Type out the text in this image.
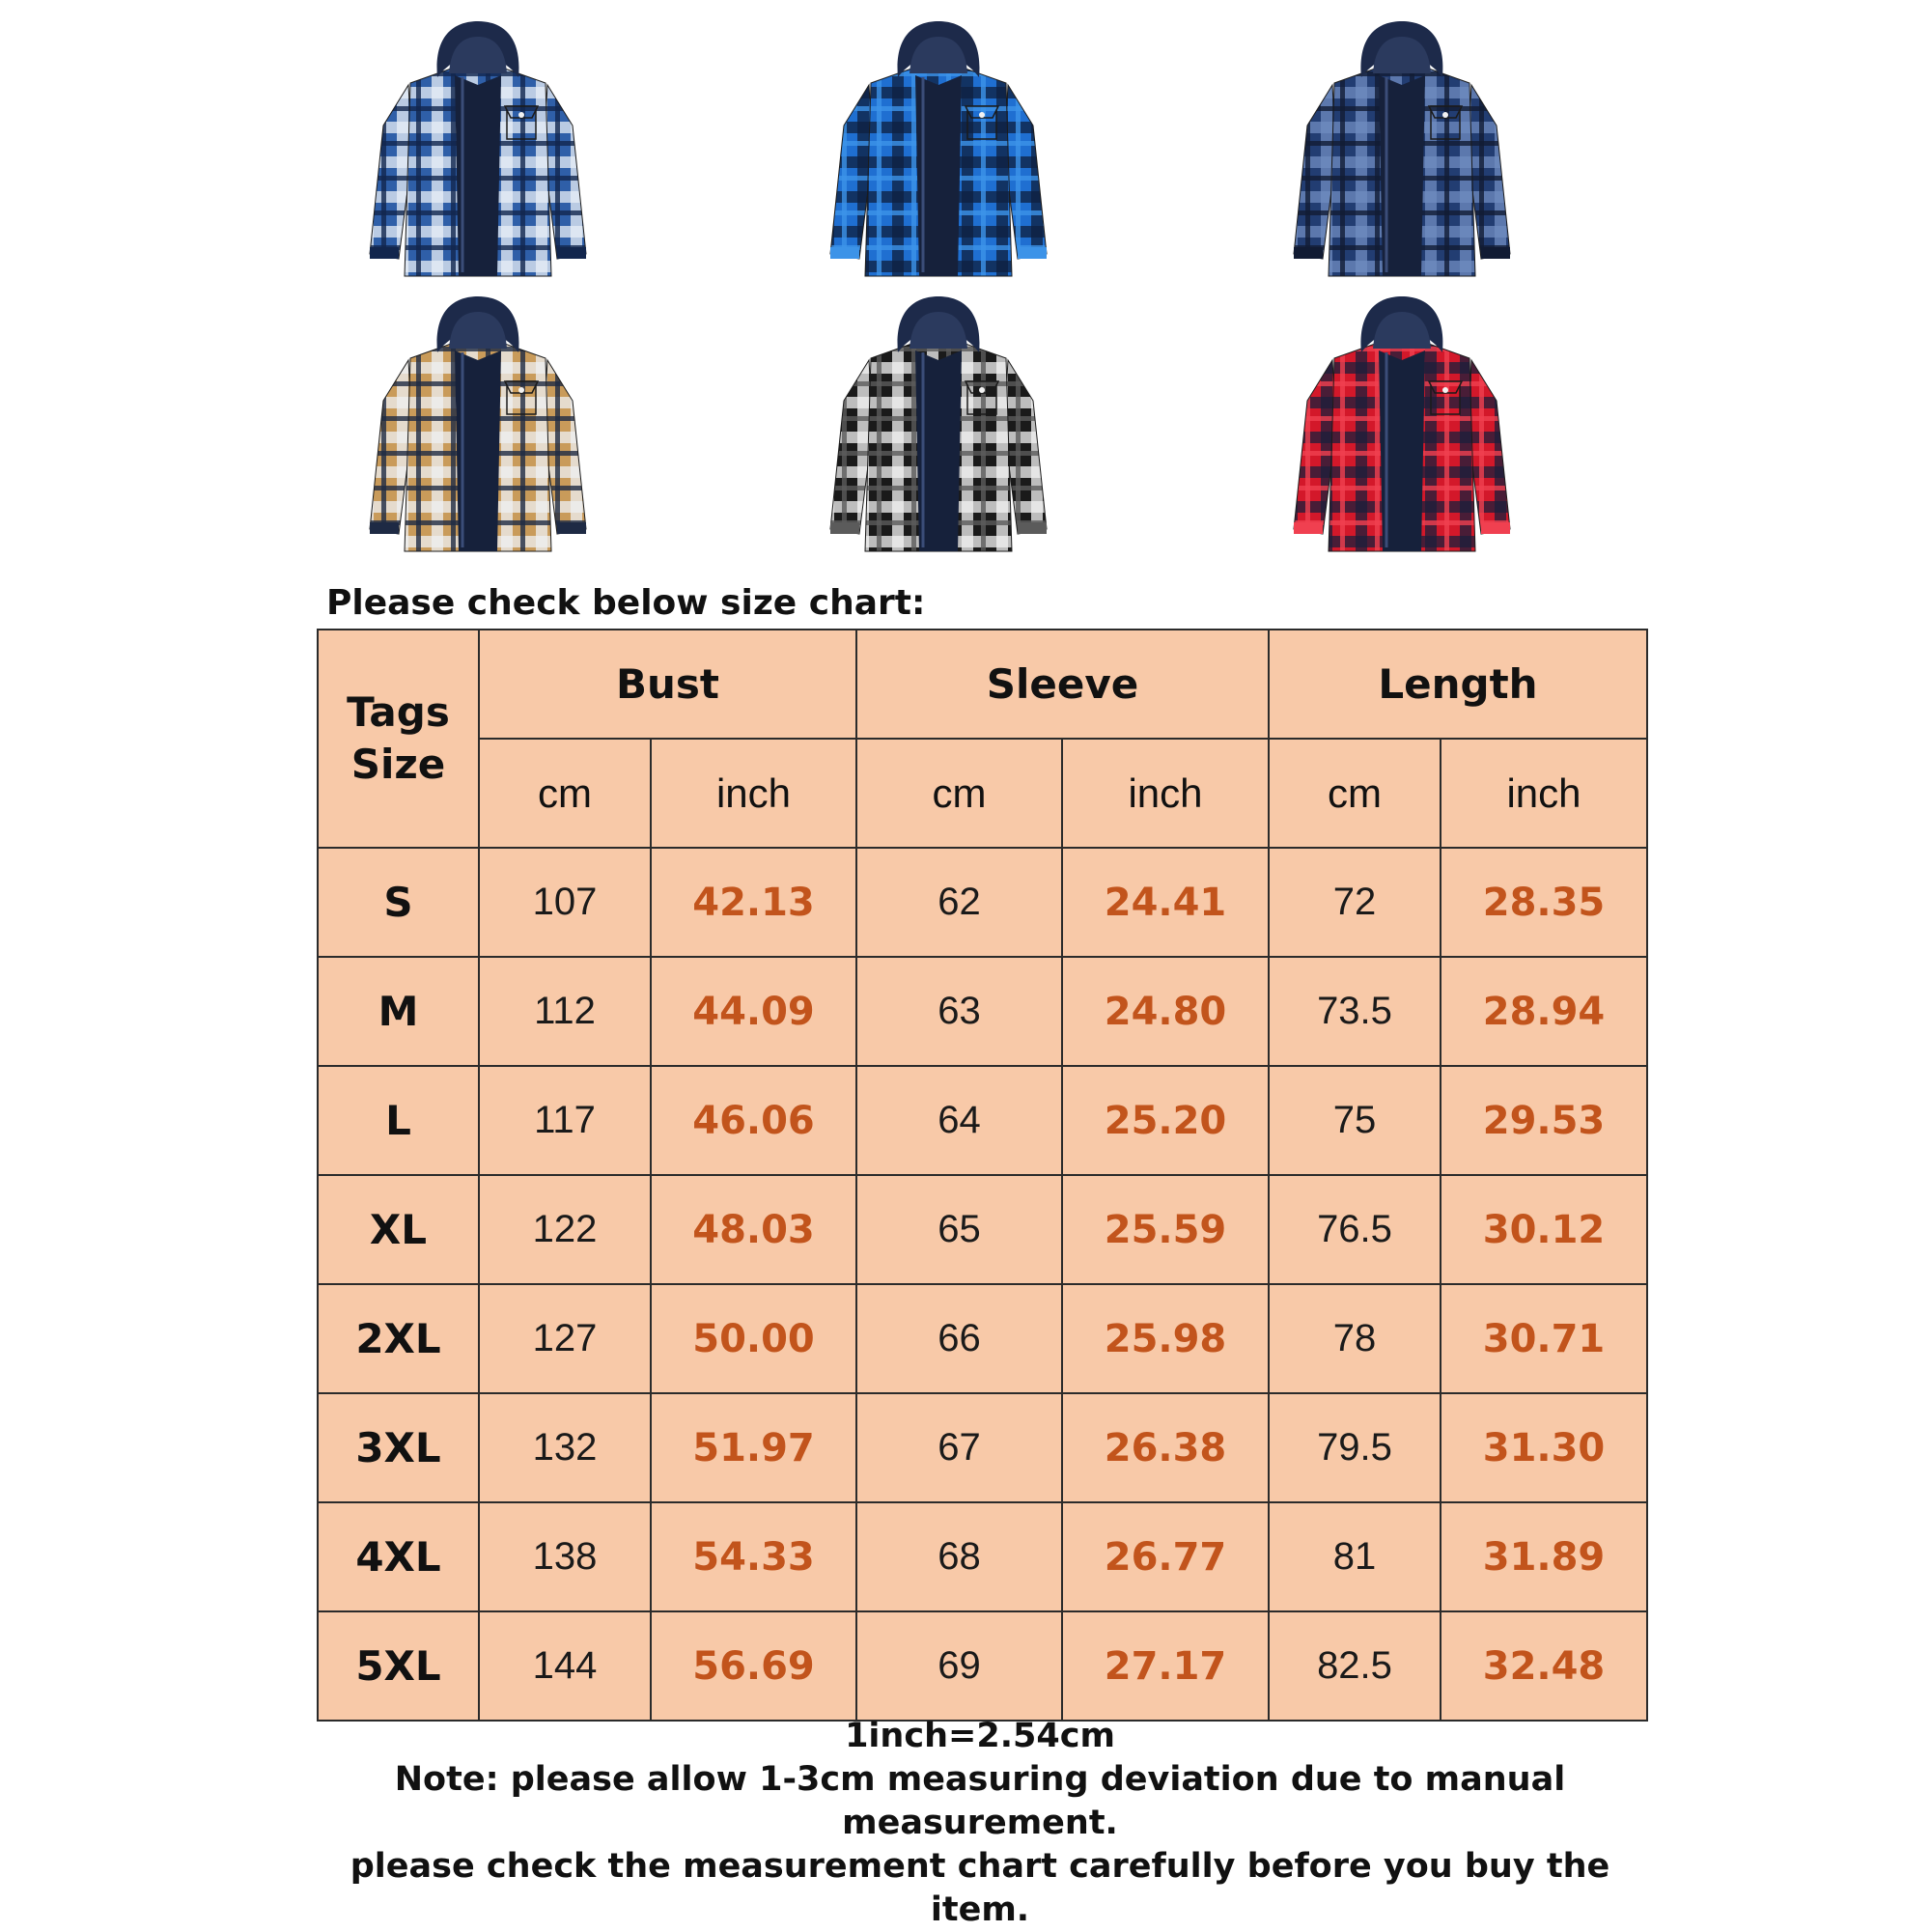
Please check below size chart:
Tags
Size	Bust		Sleeve		Length	
	cm	inch	cm	inch	cm	inch
S	107	42.13	62	24.41	72	28.35
M	112	44.09	63	24.80	73.5	28.94
L	117	46.06	64	25.20	75	29.53
XL	122	48.03	65	25.59	76.5	30.12
2XL	127	50.00	66	25.98	78	30.71
3XL	132	51.97	67	26.38	79.5	31.30
4XL	138	54.33	68	26.77	81	31.89
5XL	144	56.69	69	27.17	82.5	32.48
1inch=2.54cm
Note: please allow 1-3cm measuring deviation due to manual
measurement.
please check the measurement chart carefully before you buy the item.
